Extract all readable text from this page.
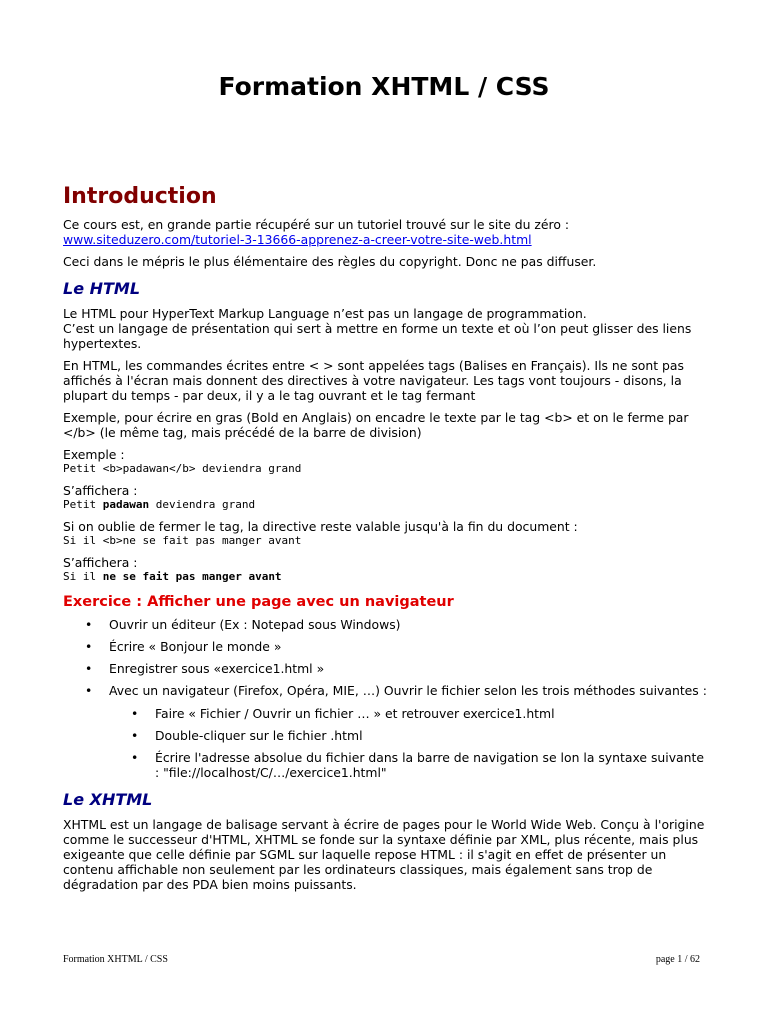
Formation XHTML / CSS
Introduction

Ce cours est, en grande partie récupéré sur un tutoriel trouvé sur le site du zéro :

www.siteduzero.com/tutoriel-3-13666-apprenez-a-creer-votre-site-web.html

Ceci dans le mépris le plus élémentaire des règles du copyright. Donc ne pas diffuser.

Le HTML

Le HTML pour HyperText Markup Language n’est pas un langage de programmation.

C’est un langage de présentation qui sert à mettre en forme un texte et où l’on peut glisser des liens hypertextes.

En HTML, les commandes écrites entre < > sont appelées tags (Balises en Français). Ils ne sont pas affichés à l'écran mais donnent des directives à votre navigateur. Les tags vont toujours - disons, la plupart du temps - par deux, il y a le tag ouvrant et le tag fermant

Exemple, pour écrire en gras (Bold en Anglais) on encadre le texte par le tag <b> et on le ferme par </b> (le même tag, mais précédé de la barre de division)

Exemple :
Petit <b>padawan</b> deviendra grand
S’affichera :
Petit padawan deviendra grand
Si on oublie de fermer le tag, la directive reste valable jusqu'à la fin du document :
Si il <b>ne se fait pas manger avant
S’affichera :
Si il ne se fait pas manger avant
Exercice : Afficher une page avec un navigateur
• Ouvrir un éditeur (Ex : Notepad sous Windows)
• Écrire « Bonjour le monde »
• Enregistrer sous «exercice1.html »
• Avec un navigateur (Firefox, Opéra, MIE, …) Ouvrir le fichier selon les trois méthodes suivantes :
• Faire « Fichier / Ouvrir un fichier … » et retrouver exercice1.html
• Double-cliquer sur le fichier .html
• Écrire l'adresse absolue du fichier dans la barre de navigation se lon la syntaxe suivante : "file://localhost/C/…/exercice1.html"
Le XHTML

XHTML est un langage de balisage servant à écrire de pages pour le World Wide Web. Conçu à l'origine comme le successeur d'HTML, XHTML se fonde sur la syntaxe définie par XML, plus récente, mais plus exigeante que celle définie par SGML sur laquelle repose HTML : il s'agit en effet de présenter un contenu affichable non seulement par les ordinateurs classiques, mais également sans trop de dégradation par des PDA bien moins puissants.

Formation XHTML / CSS	page 1 / 62
